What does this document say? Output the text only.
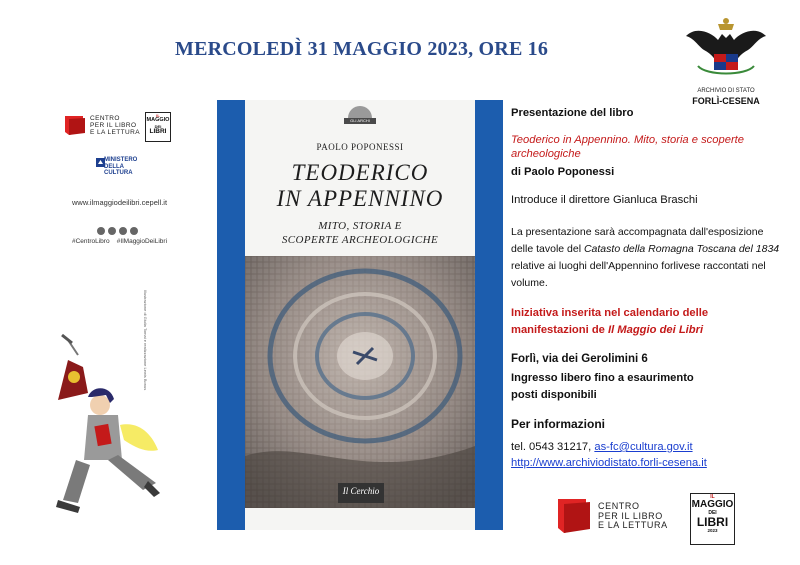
MERCOLEDÌ 31 MAGGIO 2023, ORE 16
ARCHIVIO DI STATO
FORLÌ-CESENA
CENTRO
PER IL LIBRO
E LA LETTURA
IL
MAGGIO
DEI
LIBRI
MINISTERO
DELLA
CULTURA
www.ilmaggiodeilibri.cepell.it
#CentroLibro    #IlMaggioDeiLibri
Illustrazione di Giulia Tomai e realizzazione Lewis Bonus
GLI ARCHI
PAOLO POPONESSI
TEODERICO
IN APPENNINO
MITO, STORIA E
SCOPERTE ARCHEOLOGICHE
Il Cerchio
Presentazione del libro
Teoderico in Appennino. Mito, storia e scoperte archeologiche
di Paolo Poponessi
Introduce il direttore Gianluca Braschi
La presentazione sarà accompagnata dall'esposizione delle tavole del Catasto della Romagna Toscana del 1834 relative ai luoghi dell'Appennino forlivese raccontati nel volume.
Iniziativa inserita nel calendario delle manifestazioni de Il Maggio dei Libri
Forlì, via dei Gerolimini 6
Ingresso libero fino a esaurimento posti disponibili
Per informazioni
tel. 0543 31217, as-fc@cultura.gov.it
http://www.archiviodistato.forli-cesena.it
CENTRO
PER IL LIBRO
E LA LETTURA
IL
MAGGIO
DEI
LIBRI
2023
